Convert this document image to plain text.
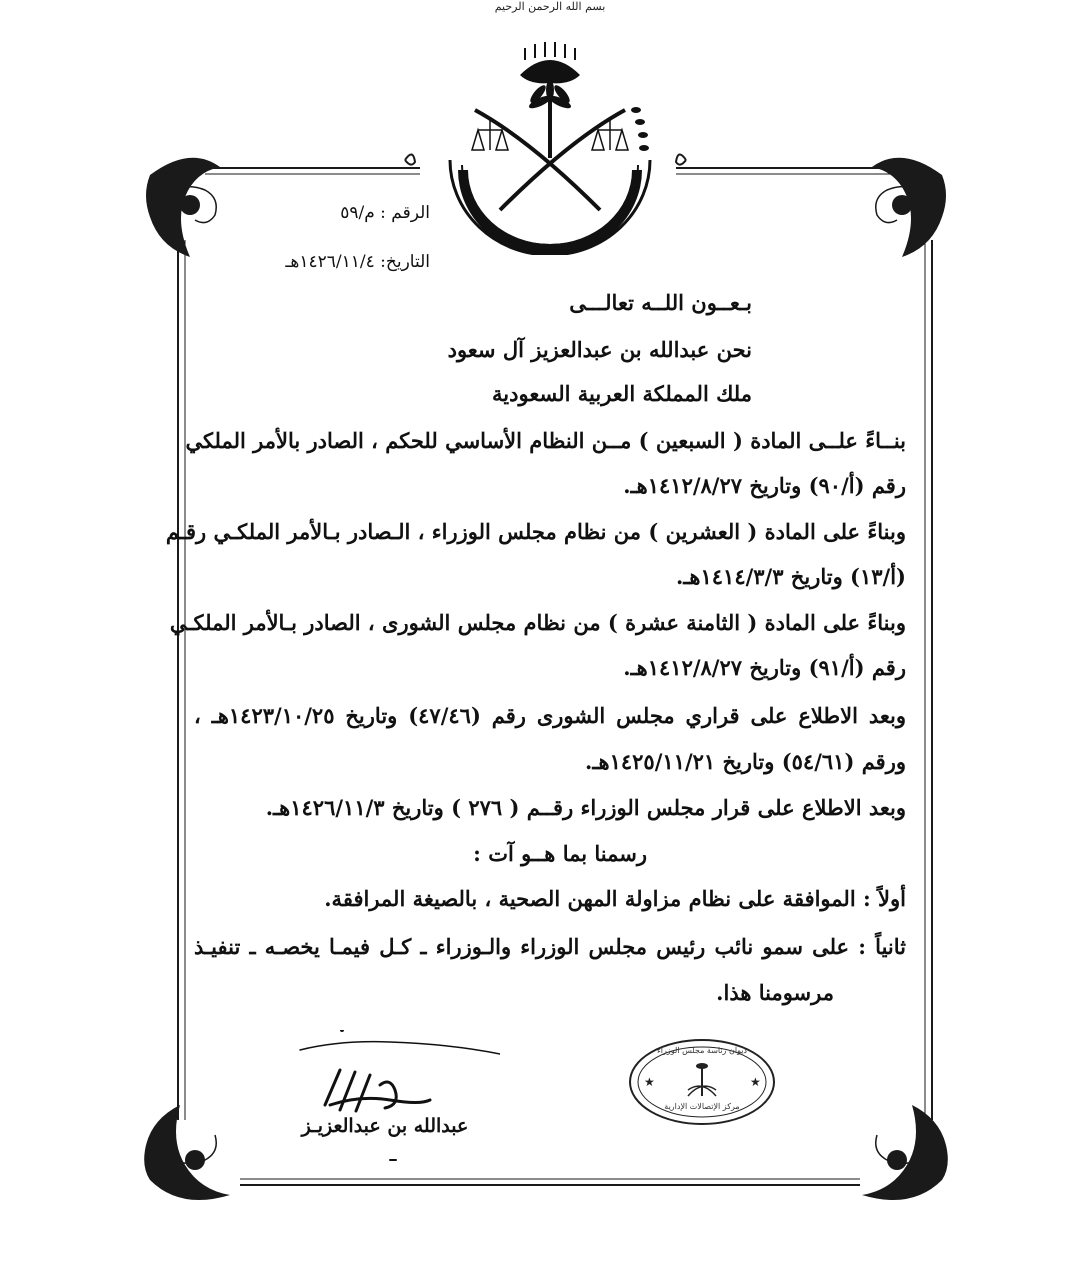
بسم الله الرحمن الرحيم
الرقم : م/٥٩
التاريخ: ١٤٢٦/١١/٤هـ
بـعــون اللــه تعالـــى
نحن عبدالله بن عبدالعزيز آل سعود
ملك المملكة العربية السعودية
بنــاءً علــى المادة ( السبعين ) مــن النظام الأساسي للحكم ، الصادر بالأمر الملكي
رقم (أ/٩٠) وتاريخ ١٤١٢/٨/٢٧هـ.
وبناءً على المادة ( العشرين ) من نظام مجلس الوزراء ، الـصادر بـالأمر الملكـي رقـم
(أ/١٣) وتاريخ ١٤١٤/٣/٣هـ.
وبناءً على المادة ( الثامنة عشرة ) من نظام مجلس الشورى ، الصادر بـالأمر الملكـي
رقم (أ/٩١) وتاريخ ١٤١٢/٨/٢٧هـ.
وبعد الاطلاع على قراري مجلس الشورى رقم (٤٧/٤٦) وتاريخ ١٤٢٣/١٠/٢٥هـ ،
ورقم (٥٤/٦١) وتاريخ ١٤٢٥/١١/٢١هـ.
وبعد الاطلاع على قرار مجلس الوزراء رقــم ( ٢٧٦ ) وتاريخ ١٤٢٦/١١/٣هـ.
رسمنا بما هــو آت :
أولاً : الموافقة على نظام مزاولة المهن الصحية ، بالصيغة المرافقة.
ثانياً : على سمو نائب رئيس مجلس الوزراء والـوزراء ـ كـل فيمـا يخصـه ـ تنفيـذ
مرسومنا هذا.
عبدالله بن عبدالعزيـز
★	★
ديوان رئاسة مجلس الوزراء
مركز الإتصالات الإدارية
